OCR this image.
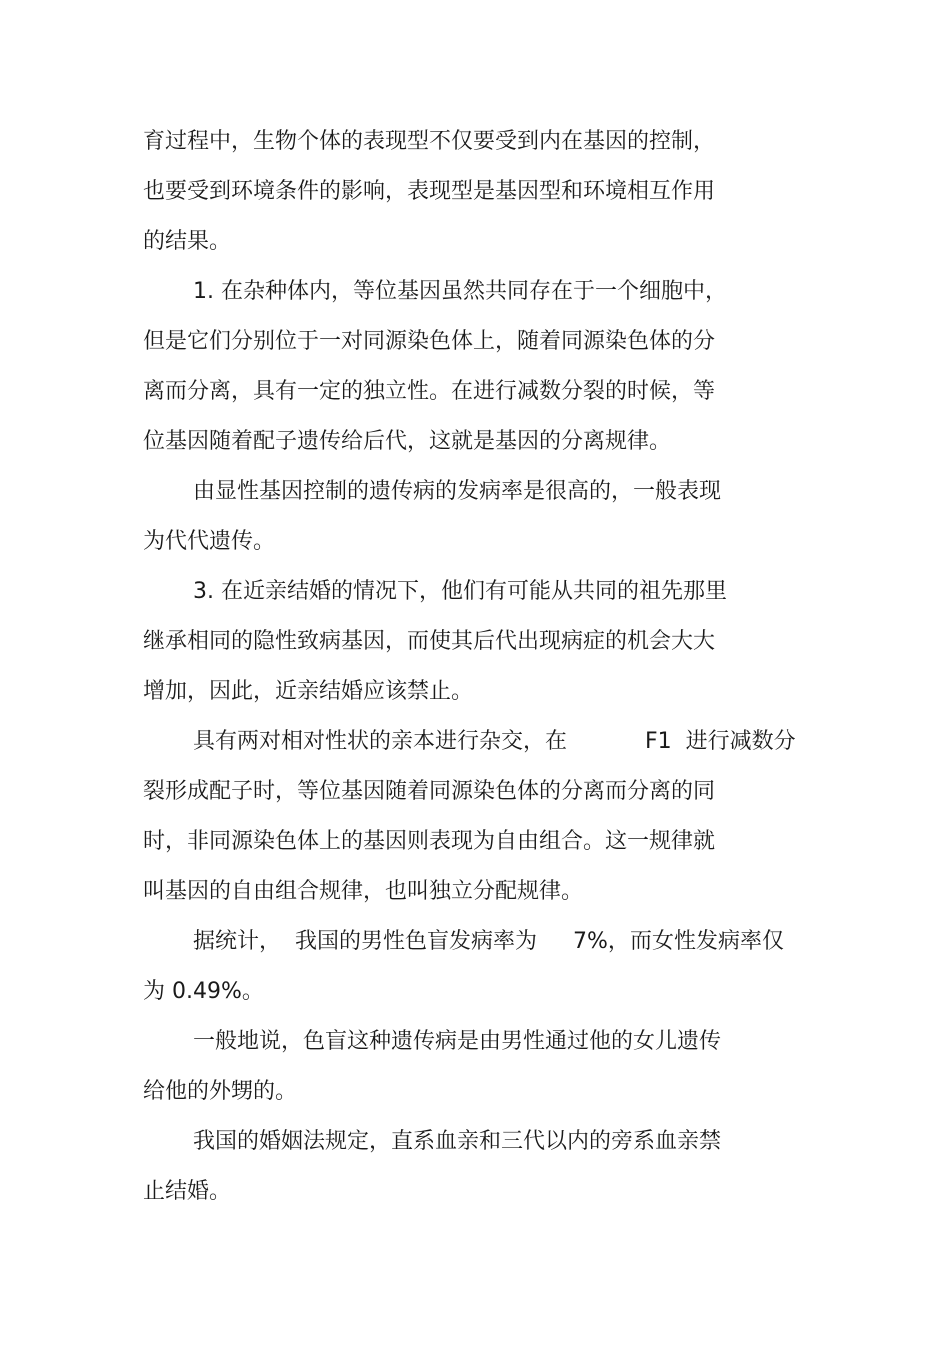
育过程中，生物个体的表现型不仅要受到内在基因的控制，

也要受到环境条件的影响，表现型是基因型和环境相互作用

的结果。

1. 在杂种体内，等位基因虽然共同存在于一个细胞中，

但是它们分别位于一对同源染色体上，随着同源染色体的分

离而分离，具有一定的独立性。在进行减数分裂的时候，等

位基因随着配子遗传给后代，这就是基因的分离规律。

由显性基因控制的遗传病的发病率是很高的，一般表现

为代代遗传。

3. 在近亲结婚的情况下，他们有可能从共同的祖先那里

继承相同的隐性致病基因，而使其后代出现病症的机会大大

增加，因此，近亲结婚应该禁止。

具有两对相对性状的亲本进行杂交，在	F1 进行减数分

裂形成配子时，等位基因随着同源染色体的分离而分离的同

时，非同源染色体上的基因则表现为自由组合。这一规律就

叫基因的自由组合规律，也叫独立分配规律。

据统计， 我国的男性色盲发病率为 7%，而女性发病率仅

为 0.49%。

一般地说，色盲这种遗传病是由男性通过他的女儿遗传

给他的外甥的。

我国的婚姻法规定，直系血亲和三代以内的旁系血亲禁

止结婚。
